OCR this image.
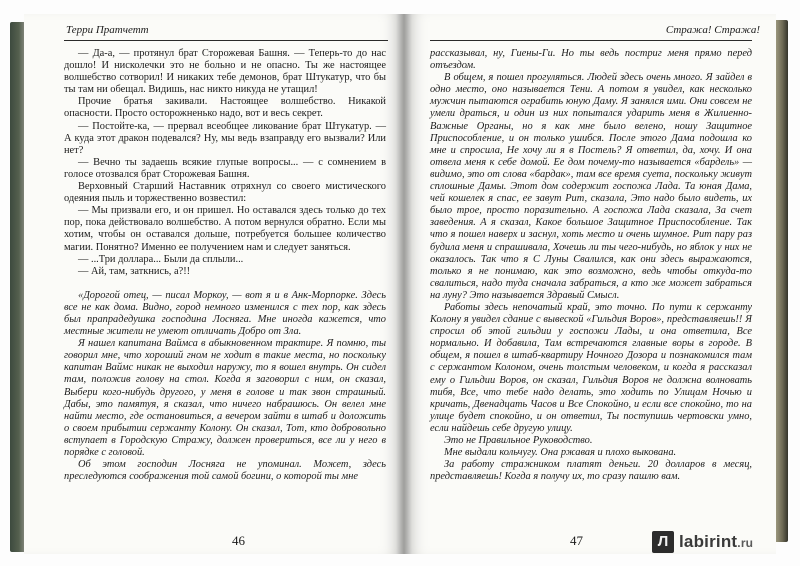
Терри Пратчетт	Стража! Стража!

— Да-а, — протянул брат Сторожевая Башня. — Теперь-то до нас дошло! И нисколечки это не больно и не опасно. Ты же настоящее волшебство сотворил! И никаких тебе демонов, брат Штукатур, что бы ты там ни обещал. Видишь, нас никто никуда не утащил!

Прочие братья закивали. Настоящее волшебство. Никакой опасности. Просто осторожненько надо, вот и весь секрет.

— Постойте-ка, — прервал всеобщее ликование брат Штукатур. — А куда этот дракон подевался? Ну, мы ведь взаправду его вызвали? Или нет?

— Вечно ты задаешь всякие глупые вопросы... — с сомнением в голосе отозвался брат Сторожевая Башня.

Верховный Старший Наставник отряхнул со своего мистического одеяния пыль и торжественно возвестил:

— Мы призвали его, и он пришел. Но оставался здесь только до тех пор, пока действовало волшебство. А потом вернулся обратно. Если мы хотим, чтобы он оставался дольше, потребуется большее количество магии. Понятно? Именно ее получением нам и следует заняться.

— ...Три доллара... Были да сплыли...

— Ай, там, заткнись, а?!!

«Дорогой отец, — писал Моркоу, — вот я и в Анк-Морпорке. Здесь все не как дома. Видно, город немного изменился с тех пор, как здесь был прапрадедушка господина Лосняга. Мне иногда кажется, что местные жители не умеют отличать Добро от Зла.

Я нашел капитана Ваймса в абыкновенном трактире. Я помню, ты говорил мне, что хороший гном не ходит в такие места, но поскольку капитан Ваймс никак не выходил наружу, то я вошел внутрь. Он сидел там, положив голову на стол. Когда я заговорил с ним, он сказал, Выбери кого-нибудь другого, у меня в голове и так звон страшный. Дабы, это памятуя, я сказал, что ничего набрашюсь. Он велел мне найти место, где остановиться, а вечером зайти в штаб и доложить о своем прибытии сержанту Колону. Он сказал, Тот, кто добровольно вступает в Городскую Стражу, должен провериться, все ли у него в порядке с головой.

Об этом господин Лосняга не упоминал. Может, здесь преследуются соображения той самой богини, о которой ты мне

рассказывал, ну, Гиены-Ги. Но ты ведь постриг меня прямо перед отъездом.

В общем, я пошел прогуляться. Людей здесь очень много. Я зайдел в одно место, оно называется Тени. А потом я увидел, как несколько мужчин пытаются ограбить юную Даму. Я занялся ими. Они совсем не умели драться, и один из них попытался ударить меня в Жилиенно-Важные Органы, но я как мне было велено, ношу Защитное Приспособление, и он только ушибся. После этого Дама подошла ко мне и спросила, Не хочу ли я в Постель? Я ответил, да, хочу. И она отвела меня к себе домой. Ее дом почему-то называется «бардель» — видимо, это от слова «бардак», там все время суета, поскольку живут сплошные Дамы. Этот дом содержит госпожа Лада. Та юная Дама, чей кошелек я спас, ее завут Рит, сказала, Это надо было видеть, их было трое, просто поразительно. А госпожа Лада сказала, За счет заведения. А я сказал, Какое большое Защитное Приспособление. Так что я пошел наверх и заснул, хоть место и очень шумное. Рит пару раз будила меня и спрашивала, Хочешь ли ты чего-нибудь, но яблок у них не оказалось. Так что я С Луны Свалился, как они здесь выражаются, только я не понимаю, как это возможно, ведь чтобы откуда-то свалиться, надо туда сначала забраться, а кто же может забраться на луну? Это называется Здравый Смысл.

Работы здесь непочатый край, это точно. По пути к сержанту Колону я увидел сдание с вывеской «Гильдия Воров», представляешь!! Я спросил об этой гильдии у госпожи Лады, и она ответила, Все нормально. И добавила, Там встречаются главные воры в городе. В общем, я пошел в штаб-квартиру Ночного Дозора и познакомился там с сержантом Колоном, очень толстым человеком, и когда я рассказал ему о Гильдии Воров, он сказал, Гильдия Воров не должна волновать тибя, Все, что тебе надо делать, это ходить по Улицам Ночью и кричать, Двенадцать Часов и Все Спокойно, и если все спокойно, то на улице будет спокойно, и он ответил, Ты поступишь чертовски умно, если найдешь себе другую улицу.

Это не Правильное Руководство.

Мне выдали кольчугу. Она ржавая и плохо выкована.

За работу стражником платят деньги. 20 долларов в месяц, представляешь! Когда я получу их, то сразу пашлю вам.

46	47	Л labirint.ru
